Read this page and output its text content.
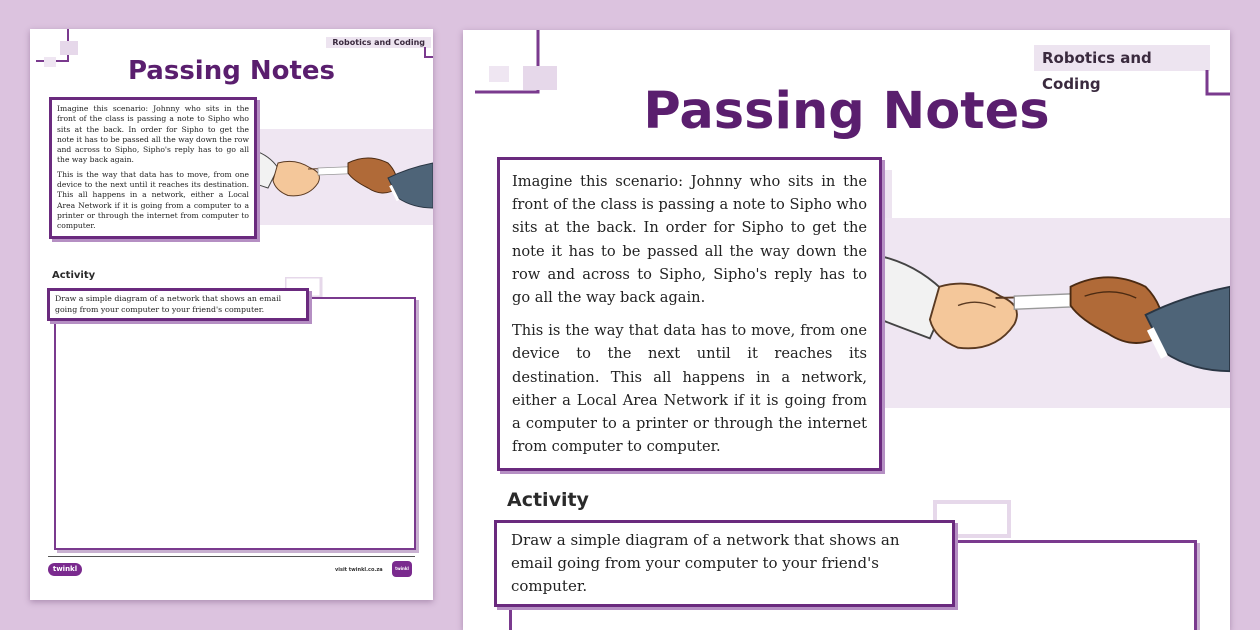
Robotics and Coding
Passing Notes

Imagine this scenario: Johnny who sits in the front of the class is passing a note to Sipho who sits at the back. In order for Sipho to get the note it has to be passed all the way down the row and across to Sipho, Sipho's reply has to go all the way back again.

This is the way that data has to move, from one device to the next until it reaches its destination. This all happens in a network, either a Local Area Network if it is going from a computer to a printer or through the internet from computer to computer.

Activity
Draw a simple diagram of a network that shows an email going from your computer to your friend's computer.
twinkl	visit twinkl.co.za	twinkl
Robotics and Coding
Passing Notes

Imagine this scenario: Johnny who sits in the front of the class is passing a note to Sipho who sits at the back. In order for Sipho to get the note it has to be passed all the way down the row and across to Sipho, Sipho's reply has to go all the way back again.

This is the way that data has to move, from one device to the next until it reaches its destination. This all happens in a network, either a Local Area Network if it is going from a computer to a printer or through the internet from computer to computer.

Activity
Draw a simple diagram of a network that shows an email going from your computer to your friend's computer.
